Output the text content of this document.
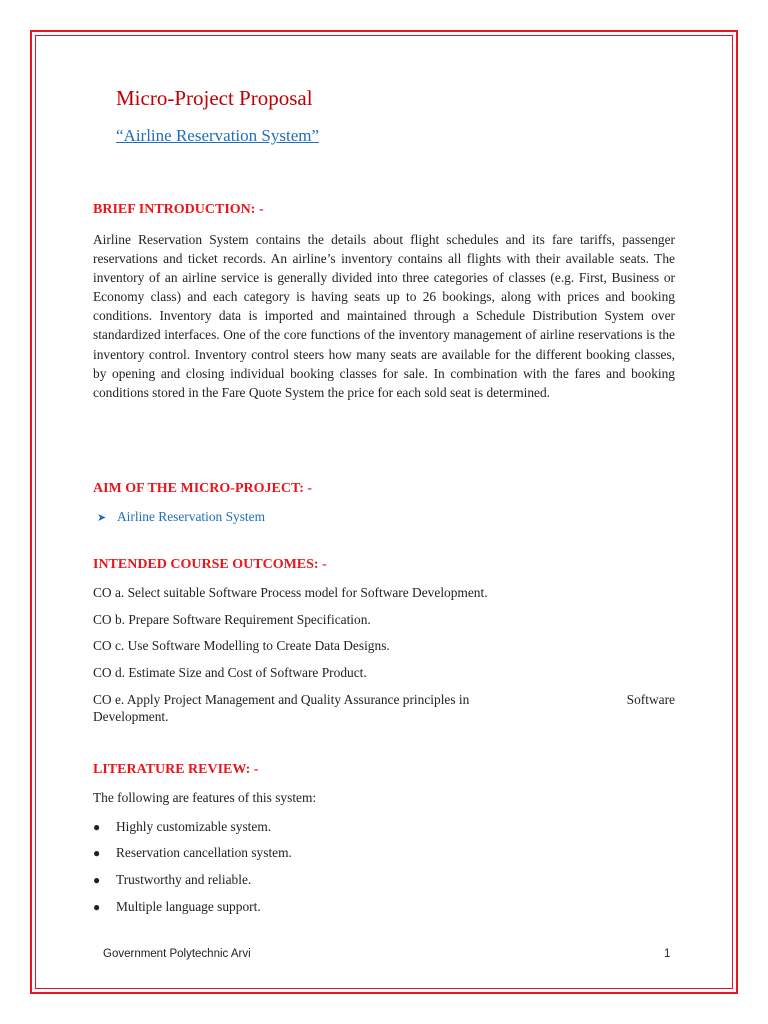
Micro-Project Proposal
“Airline Reservation System”
BRIEF INTRODUCTION: -
Airline Reservation System contains the details about flight schedules and its fare tariffs, passenger reservations and ticket records. An airline’s inventory contains all flights with their available seats. The inventory of an airline service is generally divided into three categories of classes (e.g. First, Business or Economy class) and each category is having seats up to 26 bookings, along with prices and booking conditions. Inventory data is imported and maintained through a Schedule Distribution System over standardized interfaces. One of the core functions of the inventory management of airline reservations is the inventory control. Inventory control steers how many seats are available for the different booking classes, by opening and closing individual booking classes for sale. In combination with the fares and booking conditions stored in the Fare Quote System the price for each sold seat is determined.
AIM OF THE MICRO-PROJECT: -
➤ Airline Reservation System
INTENDED COURSE OUTCOMES: -
CO a. Select suitable Software Process model for Software Development.
CO b. Prepare Software Requirement Specification.
CO c. Use Software Modelling to Create Data Designs.
CO d. Estimate Size and Cost of Software Product.
CO e. Apply Project Management and Quality Assurance principles in	Software
Development.
LITERATURE REVIEW: -
The following are features of this system:
● Highly customizable system.
● Reservation cancellation system.
● Trustworthy and reliable.
● Multiple language support.
Government Polytechnic Arvi	1
